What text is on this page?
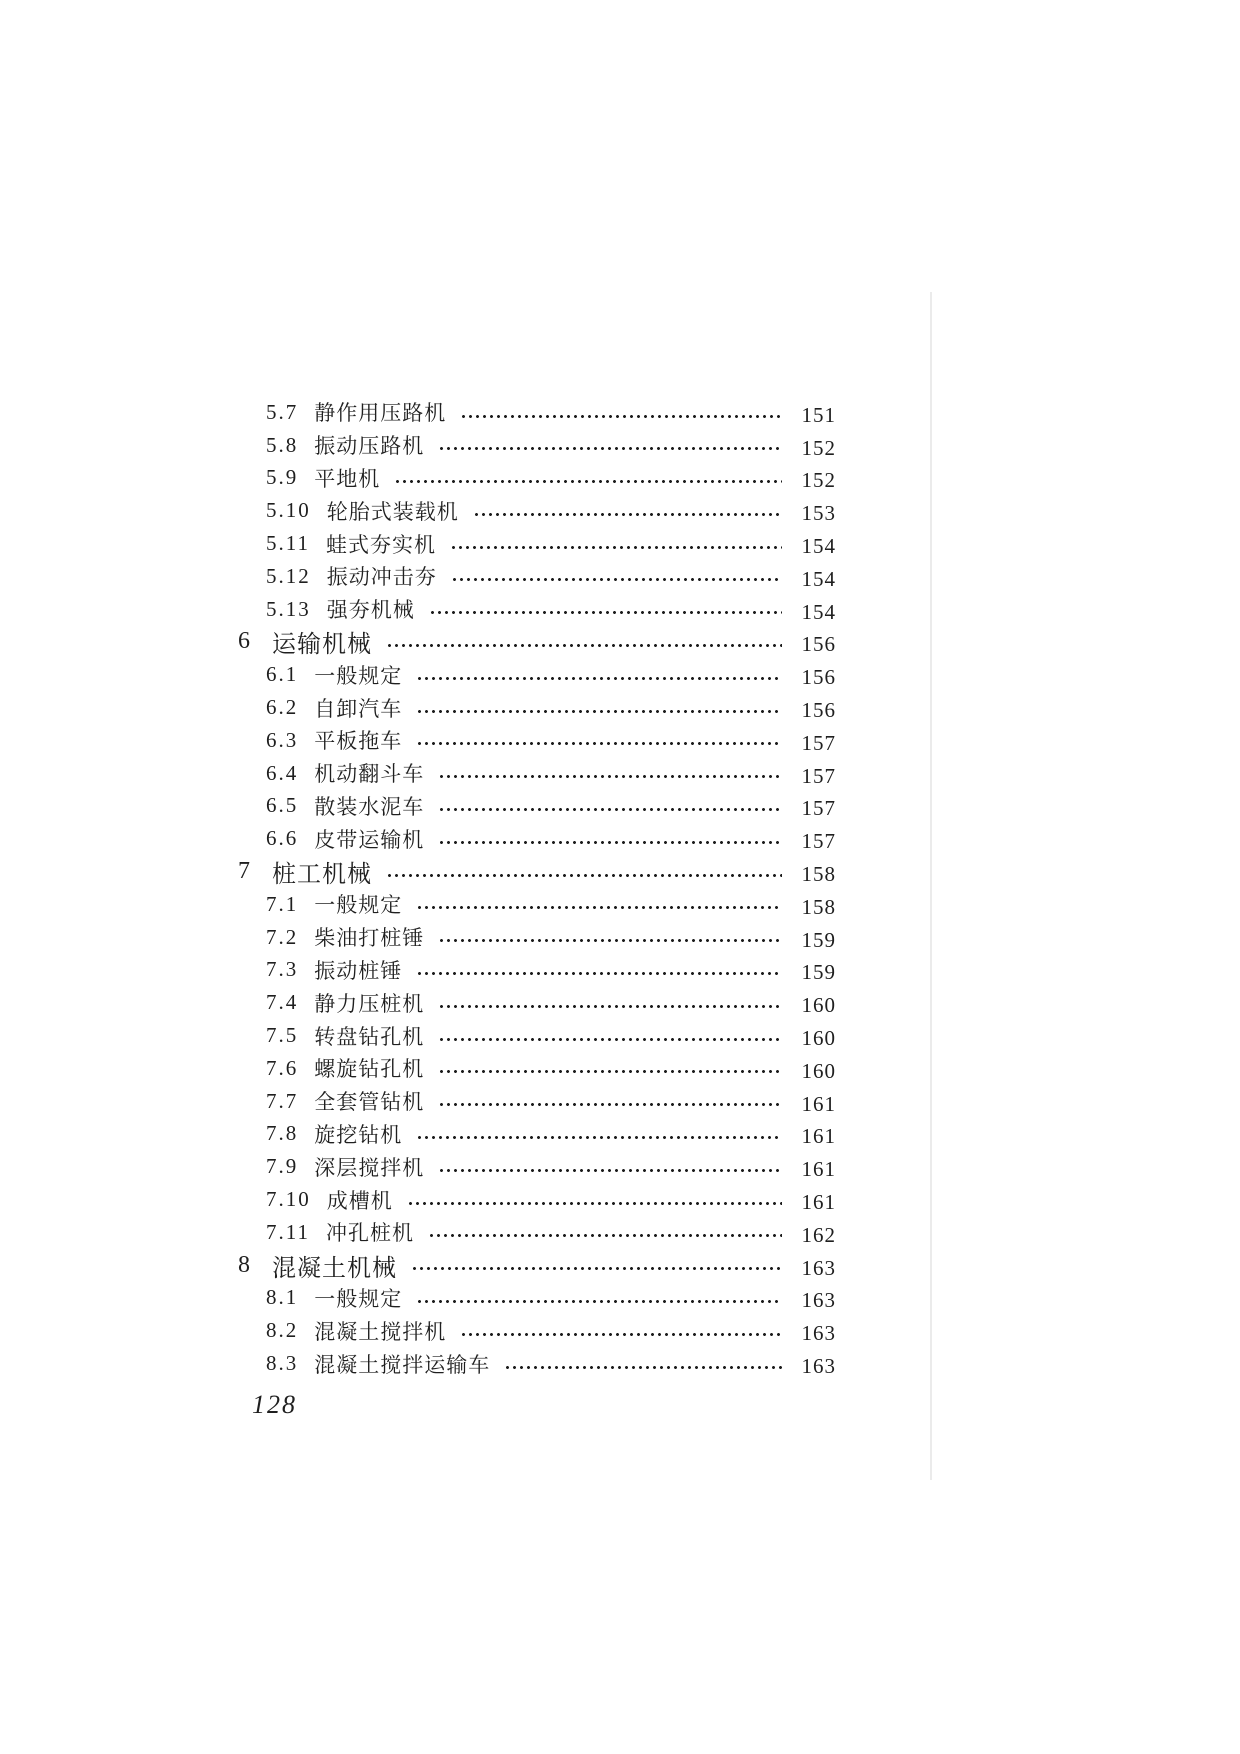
5.7 静作用压路机	151
5.8 振动压路机	152
5.9 平地机	152
5.10 轮胎式装载机	153
5.11 蛙式夯实机	154
5.12 振动冲击夯	154
5.13 强夯机械	154
6 运输机械	156
6.1 一般规定	156
6.2 自卸汽车	156
6.3 平板拖车	157
6.4 机动翻斗车	157
6.5 散装水泥车	157
6.6 皮带运输机	157
7 桩工机械	158
7.1 一般规定	158
7.2 柴油打桩锤	159
7.3 振动桩锤	159
7.4 静力压桩机	160
7.5 转盘钻孔机	160
7.6 螺旋钻孔机	160
7.7 全套管钻机	161
7.8 旋挖钻机	161
7.9 深层搅拌机	161
7.10 成槽机	161
7.11 冲孔桩机	162
8 混凝土机械	163
8.1 一般规定	163
8.2 混凝土搅拌机	163
8.3 混凝土搅拌运输车	163
128
